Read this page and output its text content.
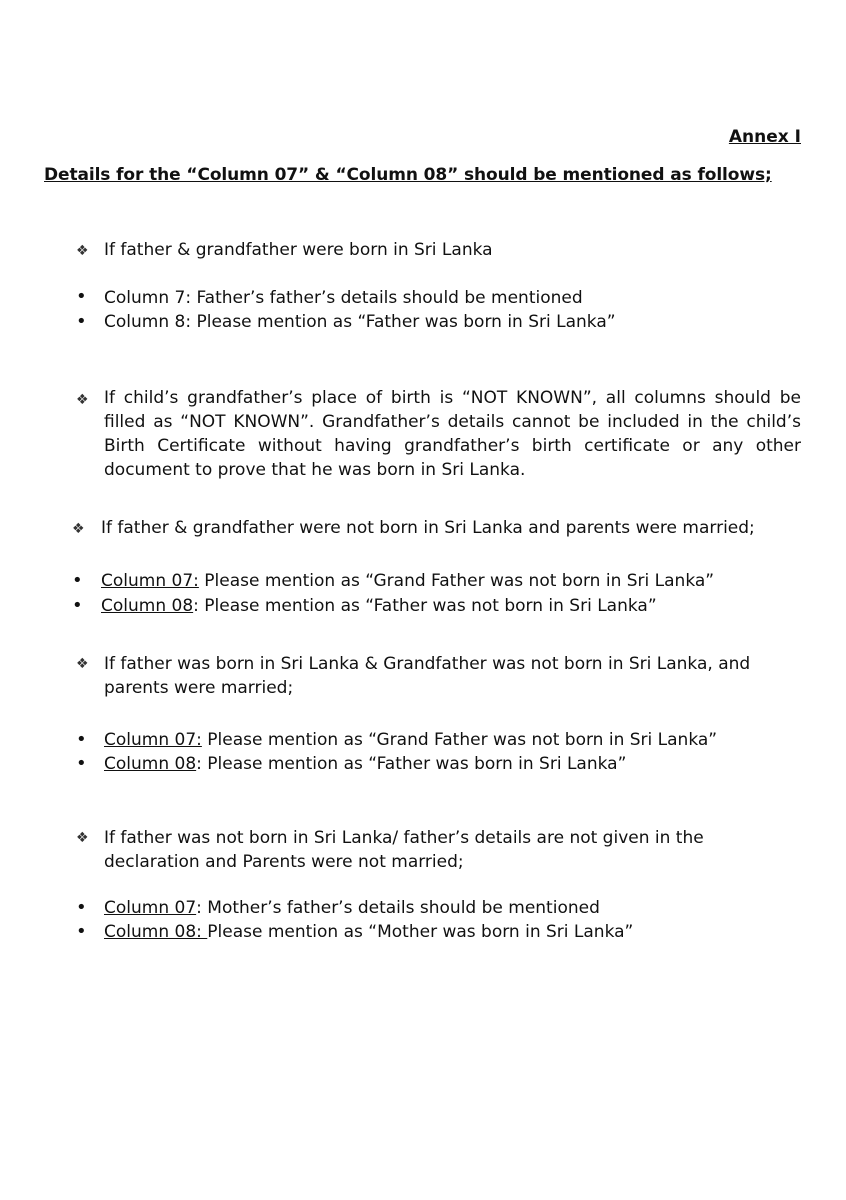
Annex I
Details for the “Column 07” & “Column 08” should be mentioned as follows;
❖ If father & grandfather were born in Sri Lanka
• Column 7: Father’s father’s details should be mentioned
• Column 8: Please mention as “Father was born in Sri Lanka”
❖ If child’s grandfather’s place of birth is “NOT KNOWN”, all columns should be filled as “NOT KNOWN”. Grandfather’s details cannot be included in the child’s Birth Certificate without having grandfather’s birth certificate or any other document to prove that he was born in Sri Lanka.
❖ If father & grandfather were not born in Sri Lanka and parents were married;
• Column 07: Please mention as “Grand Father was not born in Sri Lanka”
• Column 08: Please mention as “Father was not born in Sri Lanka”
❖ If father was born in Sri Lanka & Grandfather was not born in Sri Lanka, and parents were married;
• Column 07: Please mention as “Grand Father was not born in Sri Lanka”
• Column 08: Please mention as “Father was born in Sri Lanka”
❖ If father was not born in Sri Lanka/ father’s details are not given in the declaration and Parents were not married;
• Column 07: Mother’s father’s details should be mentioned
• Column 08: Please mention as “Mother was born in Sri Lanka”
